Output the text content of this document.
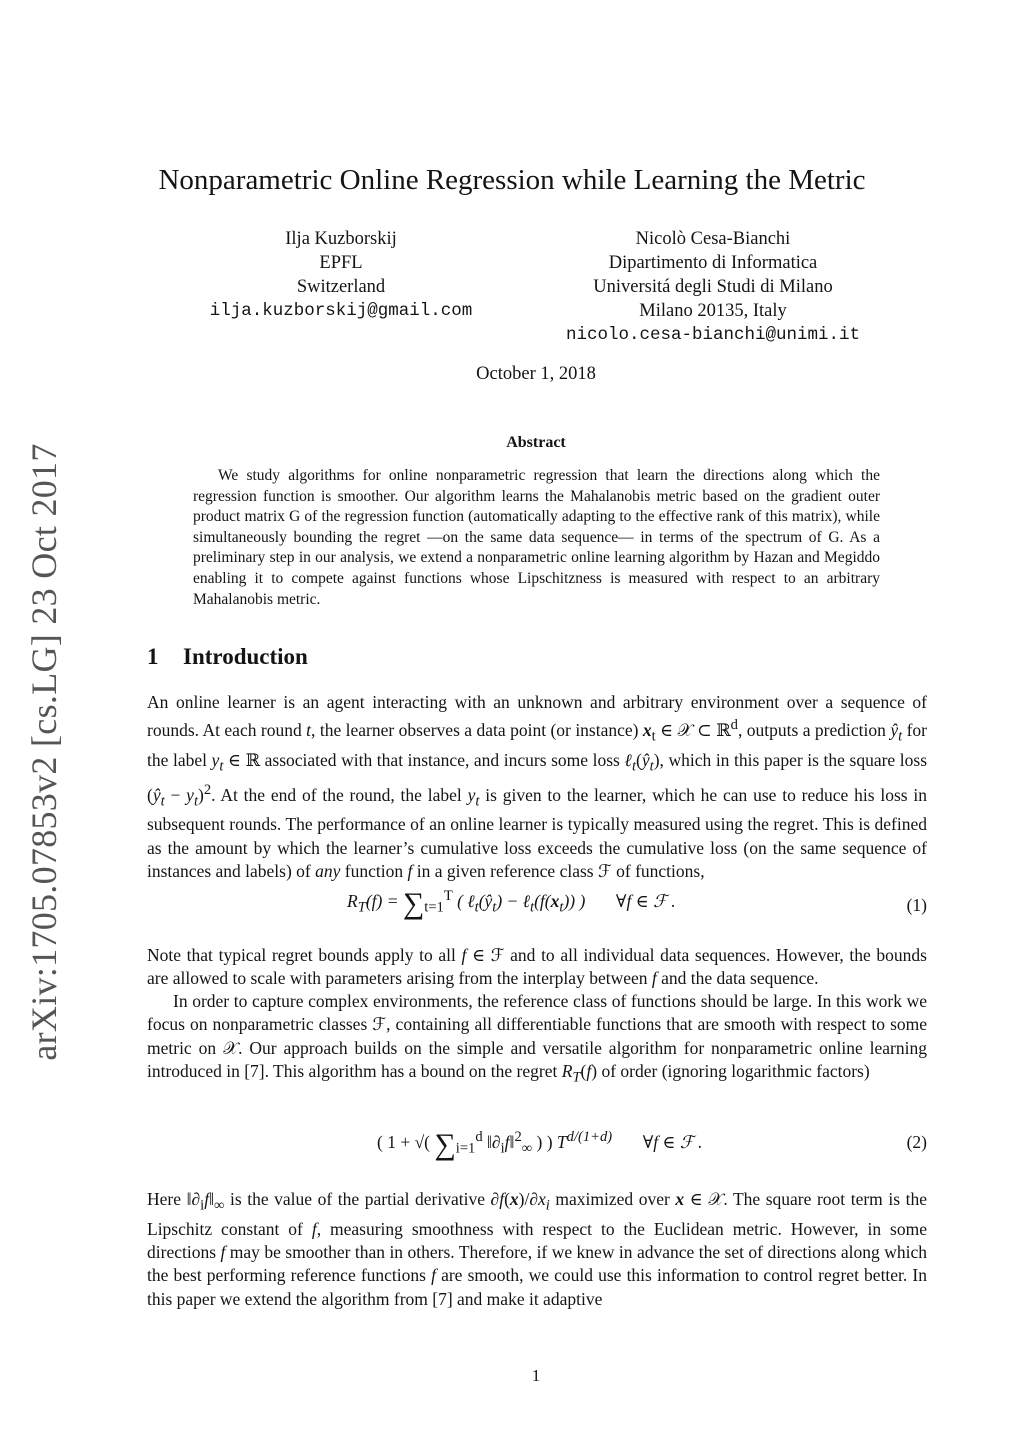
arXiv:1705.07853v2 [cs.LG] 23 Oct 2017
Nonparametric Online Regression while Learning the Metric
Ilja Kuzborskij
EPFL
Switzerland
ilja.kuzborskij@gmail.com
Nicolò Cesa-Bianchi
Dipartimento di Informatica
Universitá degli Studi di Milano
Milano 20135, Italy
nicolo.cesa-bianchi@unimi.it
October 1, 2018
Abstract

We study algorithms for online nonparametric regression that learn the directions along which the regression function is smoother. Our algorithm learns the Mahalanobis metric based on the gradient outer product matrix G of the regression function (automatically adapting to the effective rank of this matrix), while simultaneously bounding the regret —on the same data sequence— in terms of the spectrum of G. As a preliminary step in our analysis, we extend a nonparametric online learning algorithm by Hazan and Megiddo enabling it to compete against functions whose Lipschitzness is measured with respect to an arbitrary Mahalanobis metric.

1 Introduction

An online learner is an agent interacting with an unknown and arbitrary environment over a sequence of rounds. At each round t, the learner observes a data point (or instance) $x_t$ ∈ 𝒳 ⊂ ℝ$^d$, outputs a prediction $ŷ_t$ for the label $y_t$ ∈ ℝ associated with that instance, and incurs some loss $\ell_t(ŷ_t)$, which in this paper is the square loss $(ŷ_t - y_t)^2$. At the end of the round, the label $y_t$ is given to the learner, which he can use to reduce his loss in subsequent rounds. The performance of an online learner is typically measured using the regret. This is defined as the amount by which the learner’s cumulative loss exceeds the cumulative loss (on the same sequence of instances and labels) of any function f in a given reference class ℱ of functions,

$R_T(f) = \sum_{t=1}^T$ ( $\ell_t(ŷ_t)$ − $\ell_t(f(x_t))$ )       ∀f ∈ ℱ .	(1)

Note that typical regret bounds apply to all f ∈ ℱ and to all individual data sequences. However, the bounds are allowed to scale with parameters arising from the interplay between f and the data sequence.

In order to capture complex environments, the reference class of functions should be large. In this work we focus on nonparametric classes ℱ, containing all differentiable functions that are smooth with respect to some metric on 𝒳. Our approach builds on the simple and versatile algorithm for nonparametric online learning introduced in [7]. This algorithm has a bound on the regret $R_T(f)$ of order (ignoring logarithmic factors)

( 1 + √( $\sum_{i=1}^d$ $‖\partial_if‖^2_\infty$ ) ) $T^{d/(1+d)}$       ∀f ∈ ℱ .	(2)

Here $‖\partial_if‖_\infty$ is the value of the partial derivative $\partial f(x)/\partial x_i$ maximized over x ∈ 𝒳. The square root term is the Lipschitz constant of f, measuring smoothness with respect to the Euclidean metric. However, in some directions f may be smoother than in others. Therefore, if we knew in advance the set of directions along which the best performing reference functions f are smooth, we could use this information to control regret better. In this paper we extend the algorithm from [7] and make it adaptive

1
